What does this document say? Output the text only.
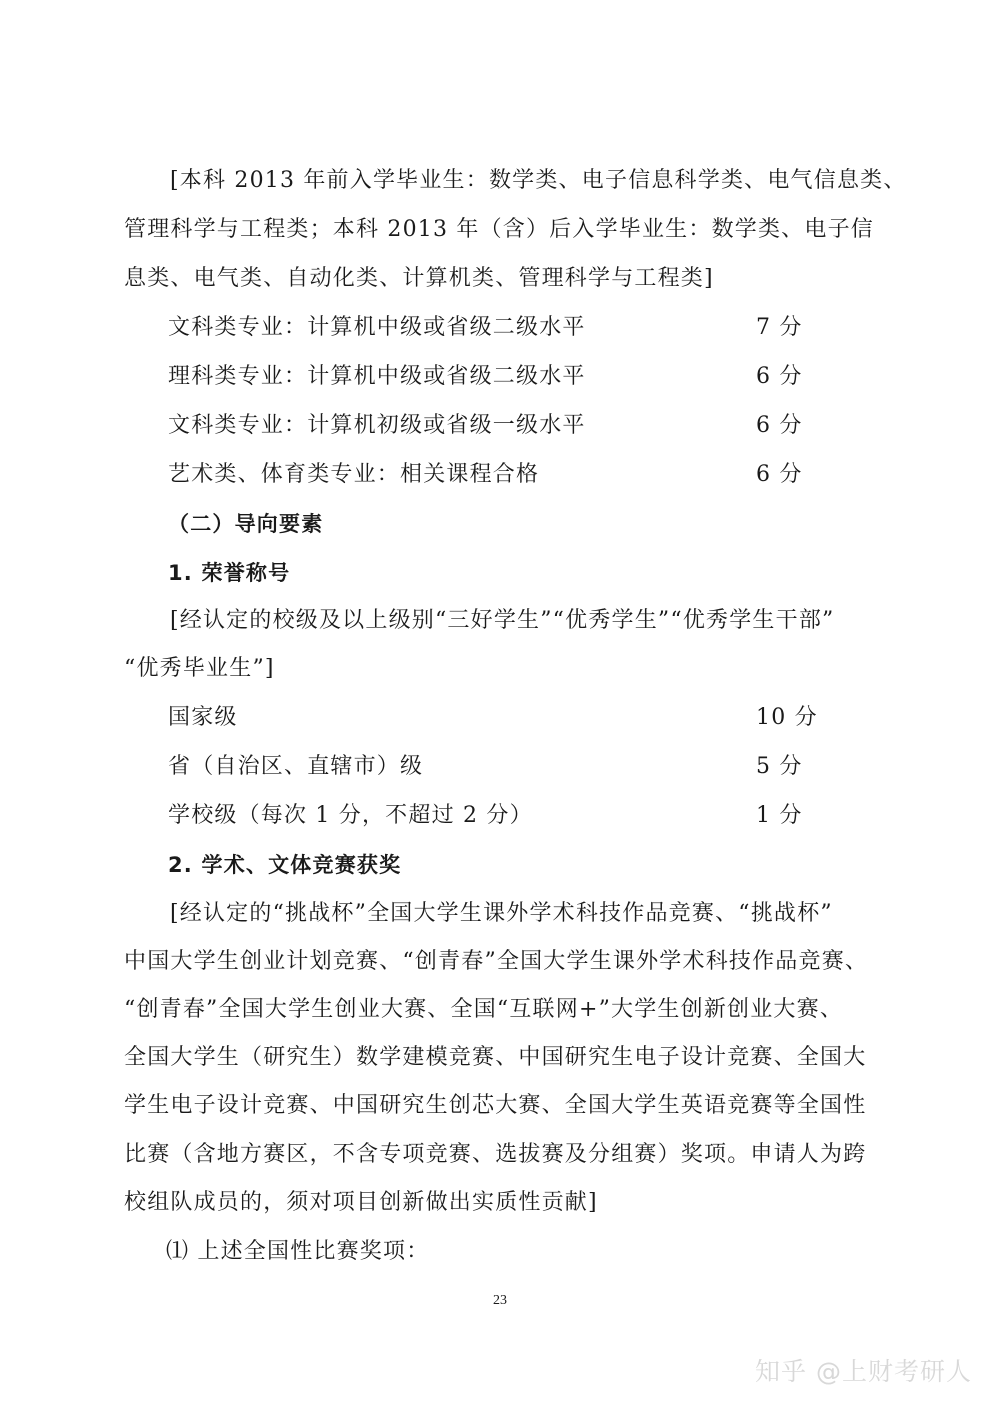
[本科 2013 年前入学毕业生：数学类、电子信息科学类、电气信息类、
管理科学与工程类；本科 2013 年（含）后入学毕业生：数学类、电子信
息类、电气类、自动化类、计算机类、管理科学与工程类]
文科类专业：计算机中级或省级二级水平	7 分
理科类专业：计算机中级或省级二级水平	6 分
文科类专业：计算机初级或省级一级水平	6 分
艺术类、体育类专业：相关课程合格	6 分
（二）导向要素
1. 荣誉称号
[经认定的校级及以上级别“三好学生”“优秀学生”“优秀学生干部”
“优秀毕业生”]
国家级	10 分
省（自治区、直辖市）级	5 分
学校级（每次 1 分，不超过 2 分）	1 分
2. 学术、文体竞赛获奖
[经认定的“挑战杯”全国大学生课外学术科技作品竞赛、“挑战杯”
中国大学生创业计划竞赛、“创青春”全国大学生课外学术科技作品竞赛、
“创青春”全国大学生创业大赛、全国“互联网+”大学生创新创业大赛、
全国大学生（研究生）数学建模竞赛、中国研究生电子设计竞赛、全国大
学生电子设计竞赛、中国研究生创芯大赛、全国大学生英语竞赛等全国性
比赛（含地方赛区，不含专项竞赛、选拔赛及分组赛）奖项。申请人为跨
校组队成员的，须对项目创新做出实质性贡献]
⑴ 上述全国性比赛奖项：
23
知乎 @上财考研人
